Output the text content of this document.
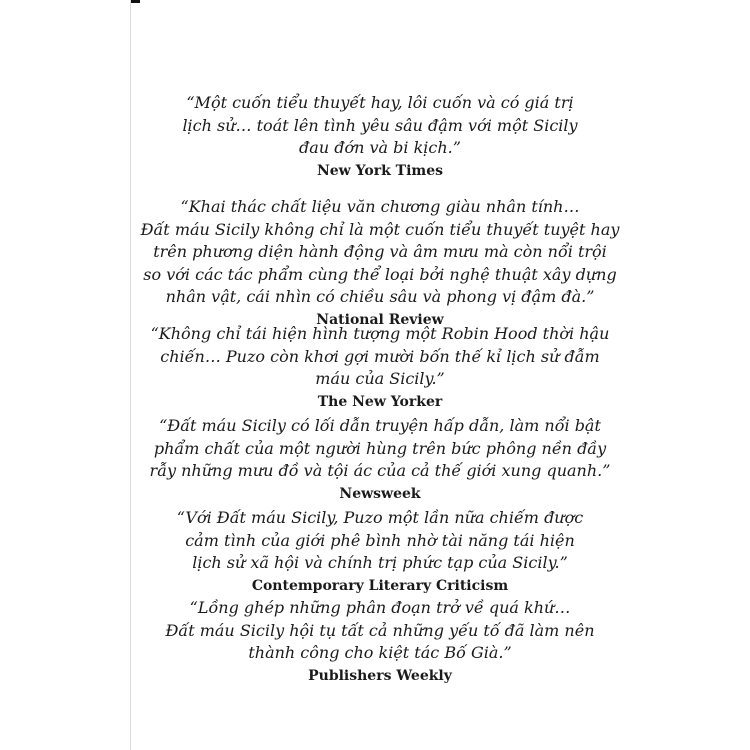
“Một cuốn tiểu thuyết hay, lôi cuốn và có giá trị
lịch sử… toát lên tình yêu sâu đậm với một Sicily
đau đớn và bi kịch.”
New York Times
“Khai thác chất liệu văn chương giàu nhân tính…
Đất máu Sicily không chỉ là một cuốn tiểu thuyết tuyệt hay
trên phương diện hành động và âm mưu mà còn nổi trội
so với các tác phẩm cùng thể loại bởi nghệ thuật xây dựng
nhân vật, cái nhìn có chiều sâu và phong vị đậm đà.”
National Review
“Không chỉ tái hiện hình tượng một Robin Hood thời hậu
chiến… Puzo còn khơi gợi mười bốn thế kỉ lịch sử đẫm
máu của Sicily.”
The New Yorker
“Đất máu Sicily có lối dẫn truyện hấp dẫn, làm nổi bật
phẩm chất của một người hùng trên bức phông nền đầy
rẫy những mưu đồ và tội ác của cả thế giới xung quanh.”
Newsweek
“Với Đất máu Sicily, Puzo một lần nữa chiếm được
cảm tình của giới phê bình nhờ tài năng tái hiện
lịch sử xã hội và chính trị phức tạp của Sicily.”
Contemporary Literary Criticism
“Lồng ghép những phân đoạn trở về quá khứ…
Đất máu Sicily hội tụ tất cả những yếu tố đã làm nên
thành công cho kiệt tác Bố Già.”
Publishers Weekly
